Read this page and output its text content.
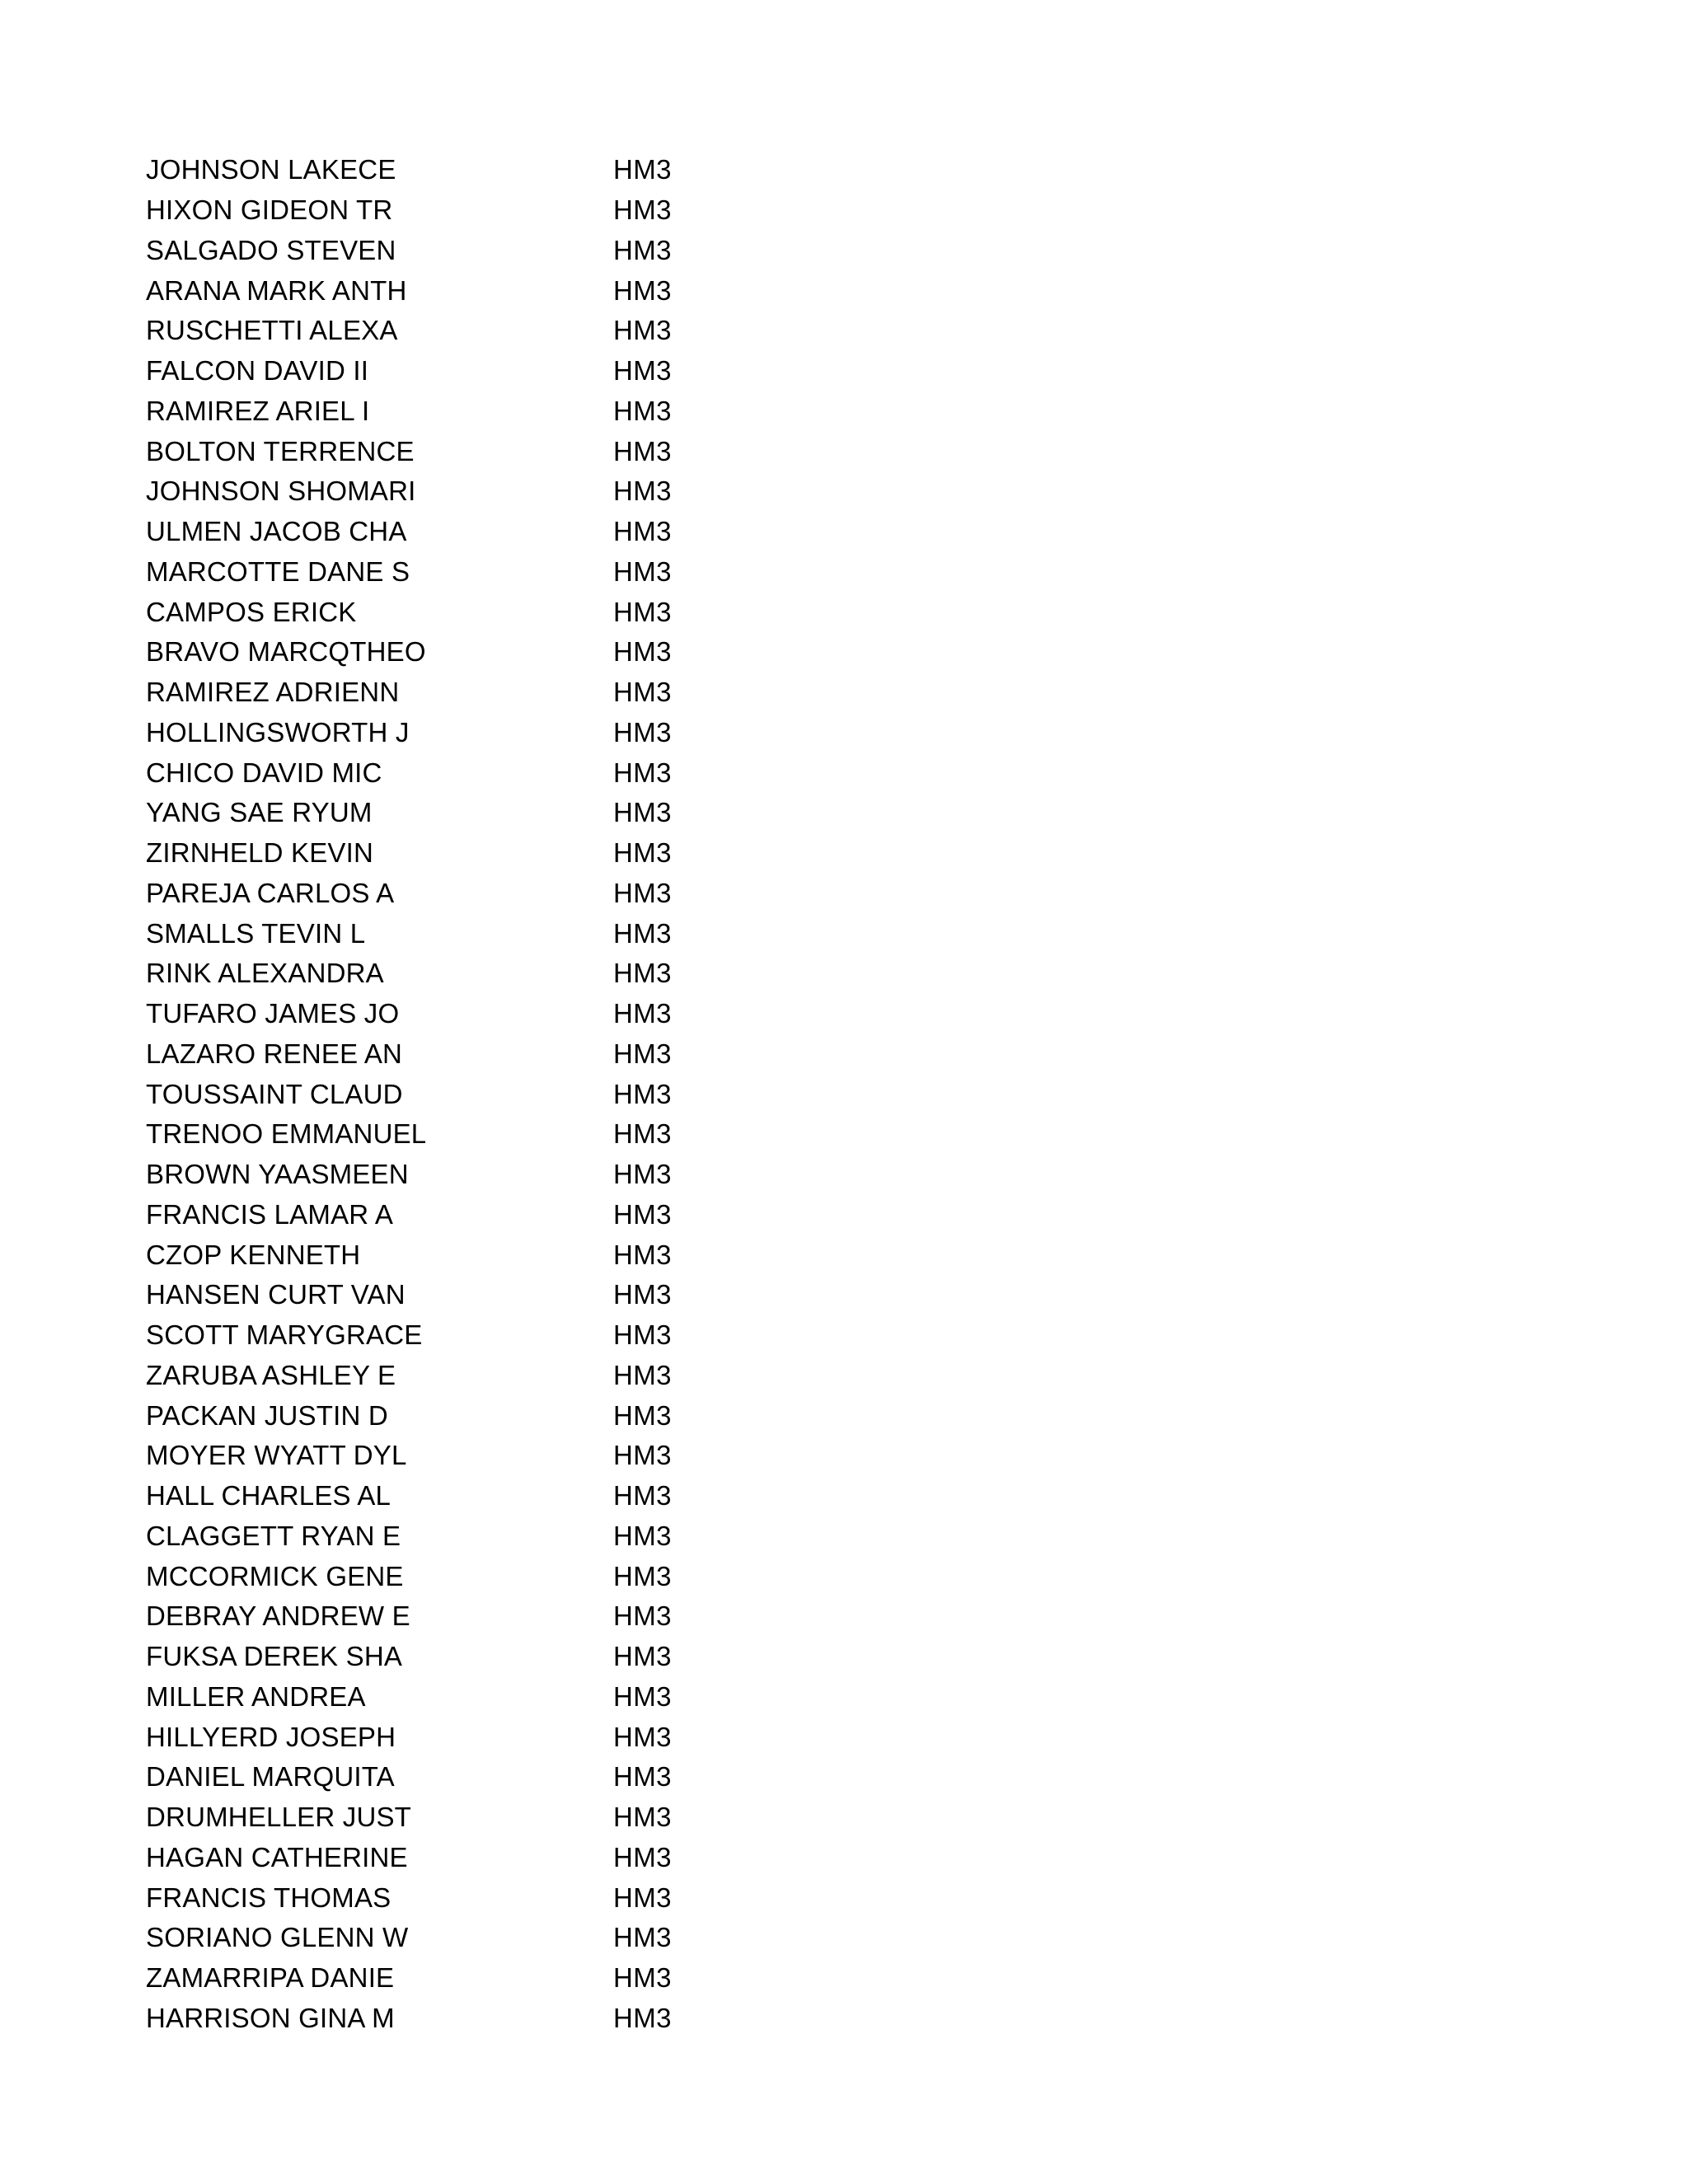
JOHNSON LAKECE	HM3
HIXON GIDEON TR	HM3
SALGADO STEVEN	HM3
ARANA MARK ANTH	HM3
RUSCHETTI ALEXA	HM3
FALCON DAVID II	HM3
RAMIREZ ARIEL I	HM3
BOLTON TERRENCE	HM3
JOHNSON SHOMARI	HM3
ULMEN JACOB CHA	HM3
MARCOTTE DANE S	HM3
CAMPOS ERICK	HM3
BRAVO MARCQTHEO	HM3
RAMIREZ ADRIENN	HM3
HOLLINGSWORTH J	HM3
CHICO DAVID MIC	HM3
YANG SAE RYUM	HM3
ZIRNHELD KEVIN	HM3
PAREJA CARLOS A	HM3
SMALLS TEVIN L	HM3
RINK ALEXANDRA	HM3
TUFARO JAMES JO	HM3
LAZARO RENEE AN	HM3
TOUSSAINT CLAUD	HM3
TRENOO EMMANUEL	HM3
BROWN YAASMEEN	HM3
FRANCIS LAMAR A	HM3
CZOP KENNETH	HM3
HANSEN CURT VAN	HM3
SCOTT MARYGRACE	HM3
ZARUBA ASHLEY E	HM3
PACKAN JUSTIN D	HM3
MOYER WYATT DYL	HM3
HALL CHARLES AL	HM3
CLAGGETT RYAN E	HM3
MCCORMICK GENE	HM3
DEBRAY ANDREW E	HM3
FUKSA DEREK SHA	HM3
MILLER ANDREA	HM3
HILLYERD JOSEPH	HM3
DANIEL MARQUITA	HM3
DRUMHELLER JUST	HM3
HAGAN CATHERINE	HM3
FRANCIS THOMAS	HM3
SORIANO GLENN W	HM3
ZAMARRIPA DANIE	HM3
HARRISON GINA M	HM3
